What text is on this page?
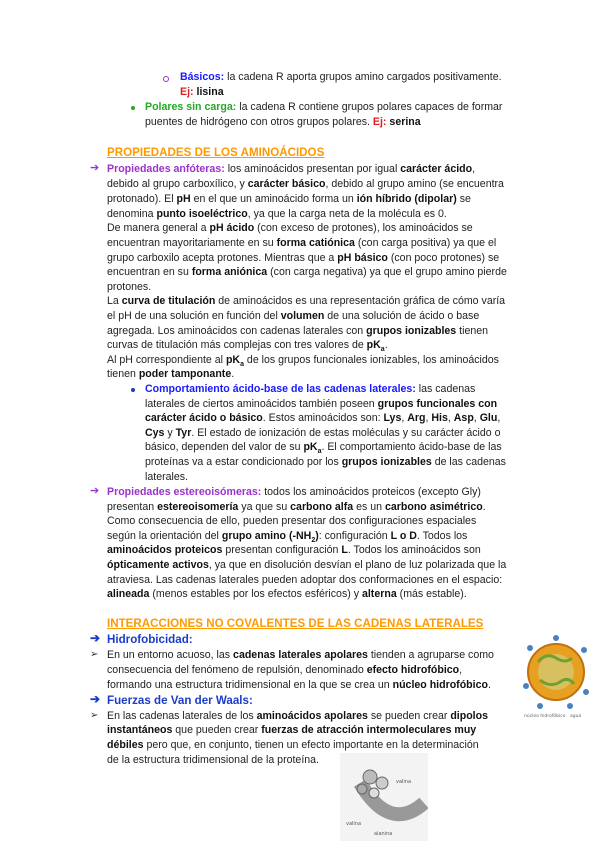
Básicos: la cadena R aporta grupos amino cargados positivamente.
Ej: lisina
Polares sin carga: la cadena R contiene grupos polares capaces de formar
puentes de hidrógeno con otros grupos polares. Ej: serina
PROPIEDADES DE LOS AMINOÁCIDOS
➔ Propiedades anfóteras: los aminoácidos presentan por igual carácter ácido,
debido al grupo carboxílico, y carácter básico, debido al grupo amino (se encuentra
protonado). El pH en el que un aminoácido forma un ión híbrido (dipolar) se
denomina punto isoeléctrico, ya que la carga neta de la molécula es 0.
De manera general a pH ácido (con exceso de protones), los aminoácidos se
encuentran mayoritariamente en su forma catiónica (con carga positiva) ya que el
grupo carboxilo acepta protones. Mientras que a pH básico (con poco protones) se
encuentran en su forma aniónica (con carga negativa) ya que el grupo amino pierde
protones.
La curva de titulación de aminoácidos es una representación gráfica de cómo varía
el pH de una solución en función del volumen de una solución de ácido o base
agregada. Los aminoácidos con cadenas laterales con grupos ionizables tienen
curvas de titulación más complejas con tres valores de $pK_a$.
Al pH correspondiente al $pK_a$ de los grupos funcionales ionizables, los aminoácidos
tienen poder tamponante.
Comportamiento ácido-base de las cadenas laterales: las cadenas
laterales de ciertos aminoácidos también poseen grupos funcionales con
carácter ácido o básico. Estos aminoácidos son: Lys, Arg, His, Asp, Glu,
Cys y Tyr. El estado de ionización de estas moléculas y su carácter ácido o
básico, dependen del valor de su $pK_a$. El comportamiento ácido-base de las
proteínas va a estar condicionado por los grupos ionizables de las cadenas
laterales.
➔ Propiedades estereoisómeras: todos los aminoácidos proteicos (excepto Gly)
presentan estereoisomería ya que su carbono alfa es un carbono asimétrico.
Como consecuencia de ello, pueden presentar dos configuraciones espaciales
según la orientación del grupo amino $(-NH_2)$: configuración L o D. Todos los
aminoácidos proteicos presentan configuración L. Todos los aminoácidos son
ópticamente activos, ya que en disolución desvían el plano de luz polarizada que la
atraviesa. Las cadenas laterales pueden adoptar dos conformaciones en el espacio:
alineada (menos estables por los efectos esféricos) y alterna (más estable).
INTERACCIONES NO COVALENTES DE LAS CADENAS LATERALES
➔ Hidrofobicidad:
➢ En un entorno acuoso, las cadenas laterales apolares tienden a agruparse como
consecuencia del fenómeno de repulsión, denominado efecto hidrofóbico,
formando una estructura tridimensional en la que se crea un núcleo hidrofóbico.
➔ Fuerzas de Van der Waals:
➢ En las cadenas laterales de los aminoácidos apolares se pueden crear dipolos
instantáneos que pueden crear fuerzas de atracción intermoleculares muy
débiles pero que, en conjunto, tienen un efecto importante en la determinación
de la estructura tridimensional de la proteína.
núcleo hidrofóbico agua
valina
valina
alanina
